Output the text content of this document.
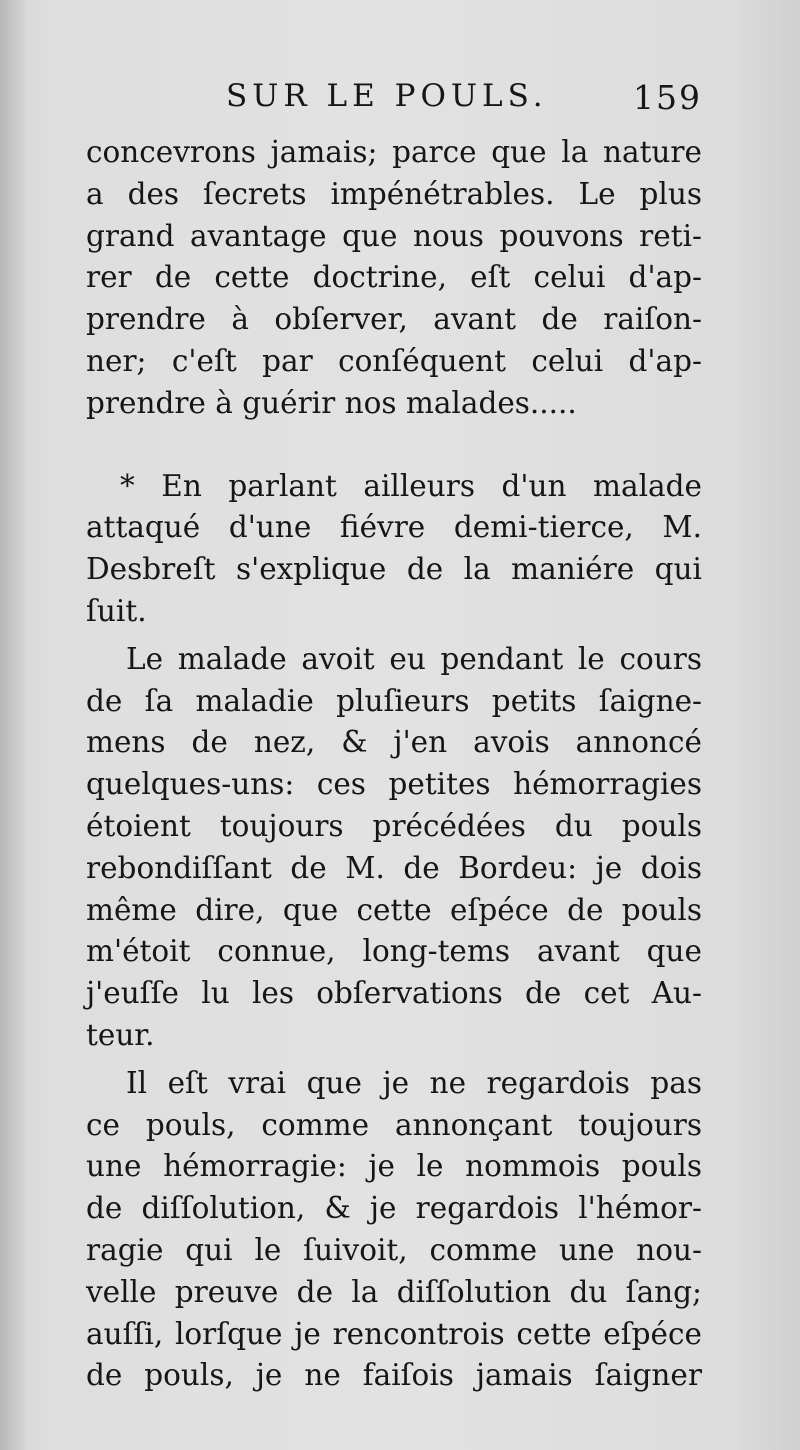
SUR LE POULS.	159

concevrons jamais; parce que la nature

a des ſecrets impénétrables. Le plus

grand avantage que nous pouvons reti-

rer de cette doctrine, eſt celui d'ap-

prendre à obſerver, avant de raiſon-

ner; c'eſt par conſéquent celui d'ap-

prendre à guérir nos malades.....

* En parlant ailleurs d'un malade

attaqué d'une fiévre demi-tierce, M.

Desbreſt s'explique de la maniére qui

ſuit.

Le malade avoit eu pendant le cours

de ſa maladie pluſieurs petits ſaigne-

mens de nez, & j'en avois annoncé

quelques-uns: ces petites hémorragies

étoient toujours précédées du pouls

rebondiſſant de M. de Bordeu: je dois

même dire, que cette eſpéce de pouls

m'étoit connue, long-tems avant que

j'euſſe lu les obſervations de cet Au-

teur.

Il eſt vrai que je ne regardois pas

ce pouls, comme annonçant toujours

une hémorragie: je le nommois pouls

de diſſolution, & je regardois l'hémor-

ragie qui le ſuivoit, comme une nou-

velle preuve de la diſſolution du ſang;

auſſi, lorſque je rencontrois cette eſpéce

de pouls, je ne faiſois jamais ſaigner
